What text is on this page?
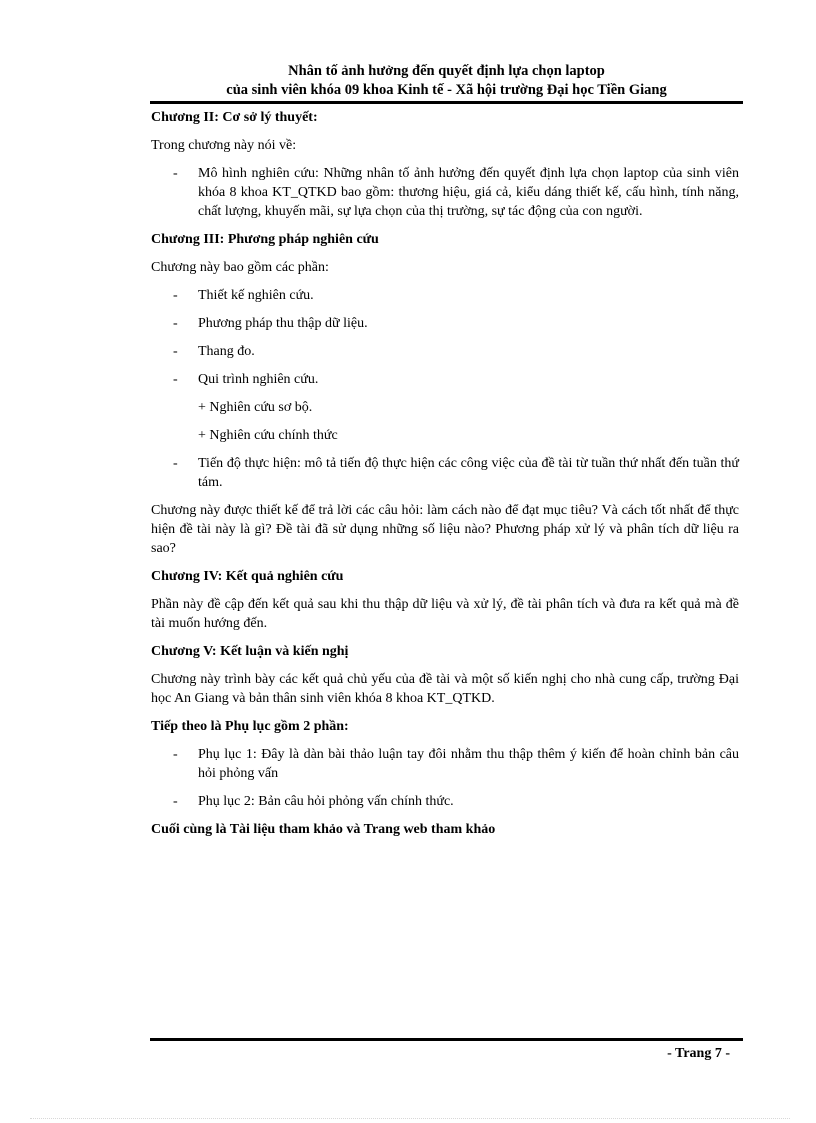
Nhân tố ảnh hưởng đến quyết định lựa chọn laptop
của sinh viên khóa 09 khoa Kinh tế - Xã hội trường Đại học Tiền Giang
Chương II: Cơ sở lý thuyết:
Trong chương này nói về:
- Mô hình nghiên cứu: Những nhân tố ảnh hưởng đến quyết định lựa chọn laptop của sinh viên khóa 8 khoa KT_QTKD bao gồm: thương hiệu, giá cả, kiểu dáng thiết kế, cấu hình, tính năng, chất lượng, khuyến mãi, sự lựa chọn của thị trường, sự tác động của con người.
Chương III: Phương pháp nghiên cứu
Chương này bao gồm các phần:
- Thiết kế nghiên cứu.
- Phương pháp thu thập dữ liệu.
- Thang đo.
- Qui trình nghiên cứu.
+ Nghiên cứu sơ bộ.
+ Nghiên cứu chính thức
- Tiến độ thực hiện: mô tả tiến độ thực hiện các công việc của đề tài từ tuần thứ nhất đến tuần thứ tám.
Chương này được thiết kế để trả lời các câu hỏi: làm cách nào để đạt mục tiêu? Và cách tốt nhất để thực hiện đề tài này là gì? Đề tài đã sử dụng những số liệu nào? Phương pháp xử lý và phân tích dữ liệu ra sao?
Chương IV: Kết quả nghiên cứu
Phần này đề cập đến kết quả sau khi thu thập dữ liệu và xử lý, đề tài phân tích và đưa ra kết quả mà đề tài muốn hướng đến.
Chương V: Kết luận và kiến nghị
Chương này trình bày các kết quả chủ yếu của đề tài và một số kiến nghị cho nhà cung cấp, trường Đại học An Giang và bản thân sinh viên khóa 8 khoa KT_QTKD.
Tiếp theo là Phụ lục gồm 2 phần:
- Phụ lục 1: Đây là dàn bài thảo luận tay đôi nhằm thu thập thêm ý kiến để hoàn chỉnh bản câu hỏi phỏng vấn
- Phụ lục 2: Bản câu hỏi phỏng vấn chính thức.
Cuối cùng là Tài liệu tham khảo và Trang web tham khảo
- Trang 7 -
